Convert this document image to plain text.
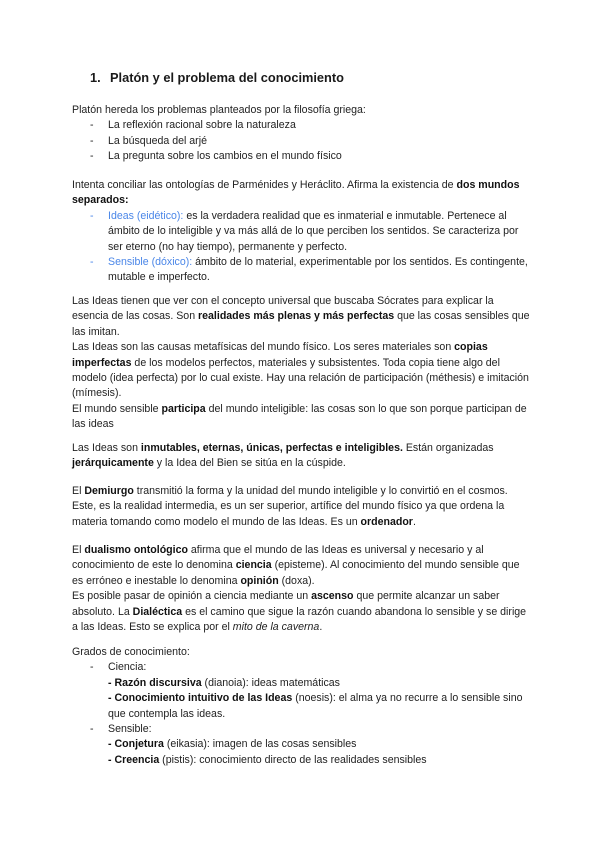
1. Platón y el problema del conocimiento

Platón hereda los problemas planteados por la filosofía griega:

- La reflexión racional sobre la naturaleza
- La búsqueda del arjé
- La pregunta sobre los cambios en el mundo físico

Intenta conciliar las ontologías de Parménides y Heráclito. Afirma la existencia de dos mundos separados:

- Ideas (eidético): es la verdadera realidad que es inmaterial e inmutable. Pertenece al ámbito de lo inteligible y va más allá de lo que perciben los sentidos. Se caracteriza por ser eterno (no hay tiempo), permanente y perfecto.
- Sensible (dóxico): ámbito de lo material, experimentable por los sentidos. Es contingente, mutable e imperfecto.

Las Ideas tienen que ver con el concepto universal que buscaba Sócrates para explicar la esencia de las cosas. Son realidades más plenas y más perfectas que las cosas sensibles que las imitan.

Las Ideas son las causas metafísicas del mundo físico. Los seres materiales son copias imperfectas de los modelos perfectos, materiales y subsistentes. Toda copia tiene algo del modelo (idea perfecta) por lo cual existe. Hay una relación de participación (méthesis) e imitación (mímesis).

El mundo sensible participa del mundo inteligible: las cosas son lo que son porque participan de las ideas

Las Ideas son inmutables, eternas, únicas, perfectas e inteligibles. Están organizadas jerárquicamente y la Idea del Bien se sitúa en la cúspide.

El Demiurgo transmitió la forma y la unidad del mundo inteligible y lo convirtió en el cosmos. Este, es la realidad intermedia, es un ser superior, artífice del mundo físico ya que ordena la materia tomando como modelo el mundo de las Ideas. Es un ordenador.

El dualismo ontológico afirma que el mundo de las Ideas es universal y necesario y al conocimiento de este lo denomina ciencia (episteme). Al conocimiento del mundo sensible que es erróneo e inestable lo denomina opinión (doxa).

Es posible pasar de opinión a ciencia mediante un ascenso que permite alcanzar un saber absoluto. La Dialéctica es el camino que sigue la razón cuando abandona lo sensible y se dirige a las Ideas. Esto se explica por el mito de la caverna.

Grados de conocimiento:

- Ciencia:

- Razón discursiva (dianoia): ideas matemáticas

- Conocimiento intuitivo de las Ideas (noesis): el alma ya no recurre a lo sensible sino que contempla las ideas.

- Sensible:

- Conjetura (eikasia): imagen de las cosas sensibles

- Creencia (pistis): conocimiento directo de las realidades sensibles
